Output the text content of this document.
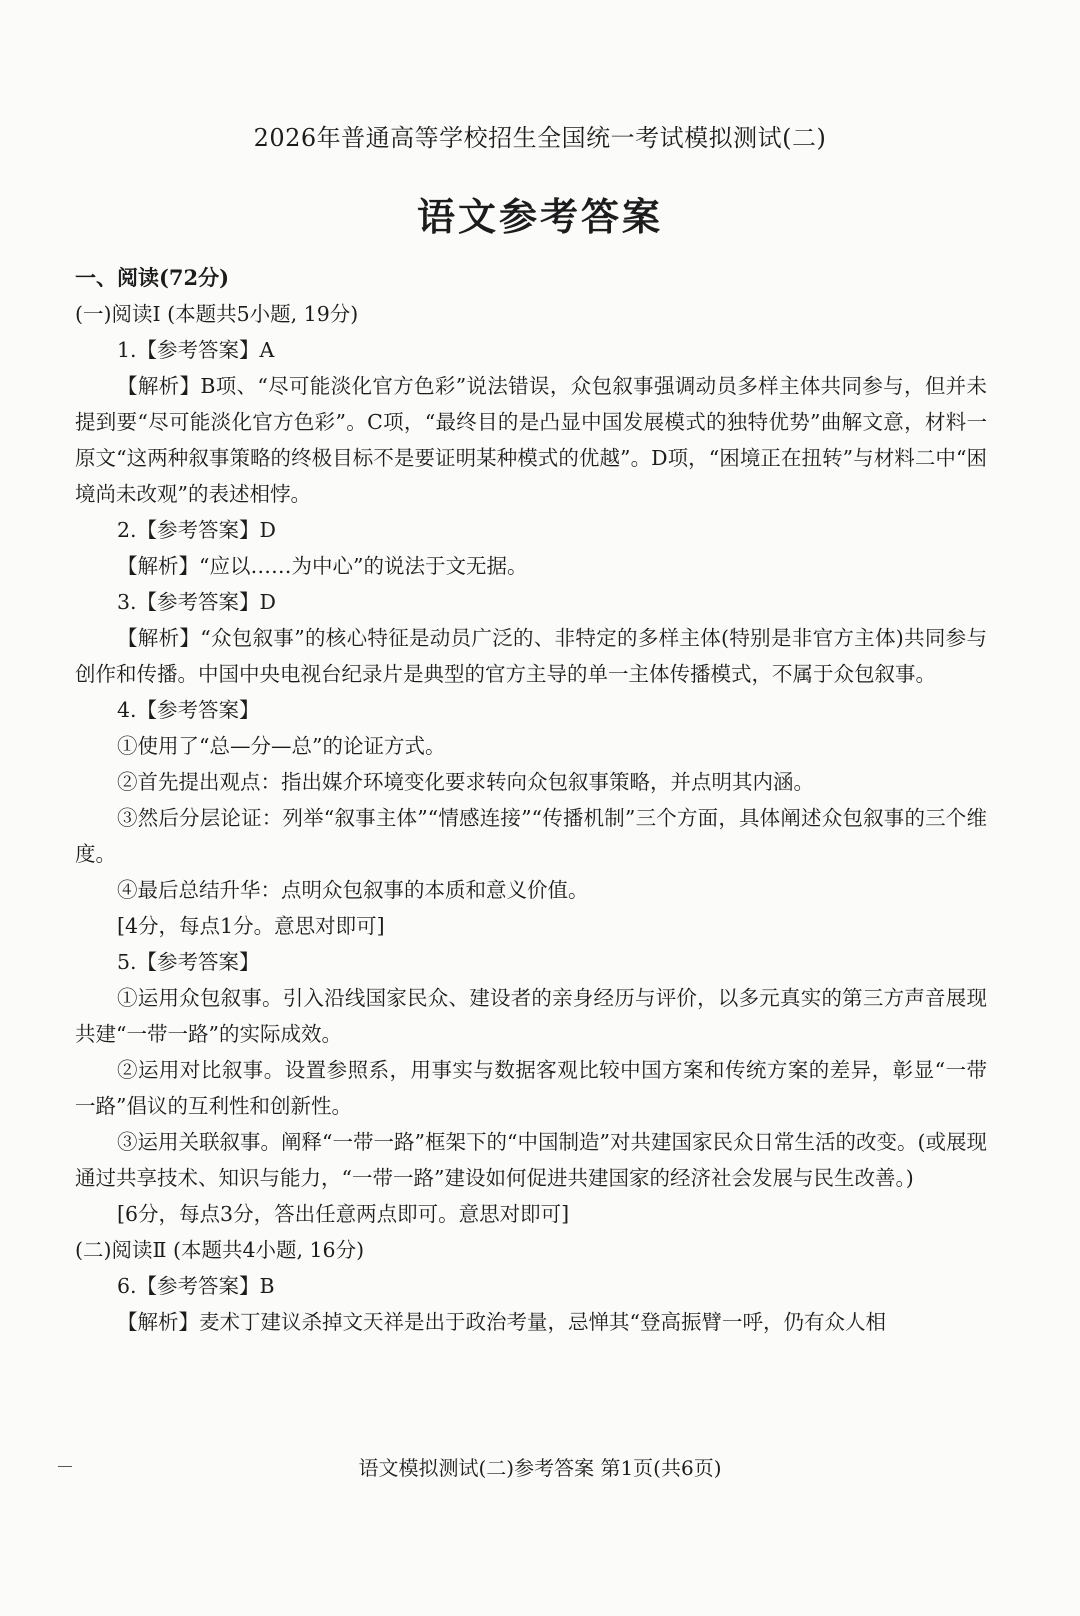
2026年普通高等学校招生全国统一考试模拟测试(二)
语文参考答案
一、阅读(72分)
(一)阅读Ⅰ (本题共5小题, 19分)
1.【参考答案】A

【解析】B项、“尽可能淡化官方色彩”说法错误，众包叙事强调动员多样主体共同参与，但并未提到要“尽可能淡化官方色彩”。C项，“最终目的是凸显中国发展模式的独特优势”曲解文意，材料一原文“这两种叙事策略的终极目标不是要证明某种模式的优越”。D项，“困境正在扭转”与材料二中“困境尚未改观”的表述相悖。

2.【参考答案】D

【解析】“应以……为中心”的说法于文无据。

3.【参考答案】D

【解析】“众包叙事”的核心特征是动员广泛的、非特定的多样主体(特别是非官方主体)共同参与创作和传播。中国中央电视台纪录片是典型的官方主导的单一主体传播模式，不属于众包叙事。

4.【参考答案】

①使用了“总—分—总”的论证方式。

②首先提出观点：指出媒介环境变化要求转向众包叙事策略，并点明其内涵。

③然后分层论证：列举“叙事主体”“情感连接”“传播机制”三个方面，具体阐述众包叙事的三个维度。

④最后总结升华：点明众包叙事的本质和意义价值。

[4分，每点1分。意思对即可]
5.【参考答案】

①运用众包叙事。引入沿线国家民众、建设者的亲身经历与评价，以多元真实的第三方声音展现共建“一带一路”的实际成效。

②运用对比叙事。设置参照系，用事实与数据客观比较中国方案和传统方案的差异，彰显“一带一路”倡议的互利性和创新性。

③运用关联叙事。阐释“一带一路”框架下的“中国制造”对共建国家民众日常生活的改变。(或展现通过共享技术、知识与能力，“一带一路”建设如何促进共建国家的经济社会发展与民生改善。)

[6分，每点3分，答出任意两点即可。意思对即可]
(二)阅读Ⅱ (本题共4小题, 16分)
6.【参考答案】B

【解析】麦术丁建议杀掉文天祥是出于政治考量，忌惮其“登高振臂一呼，仍有众人相

语文模拟测试(二)参考答案 第1页(共6页)
